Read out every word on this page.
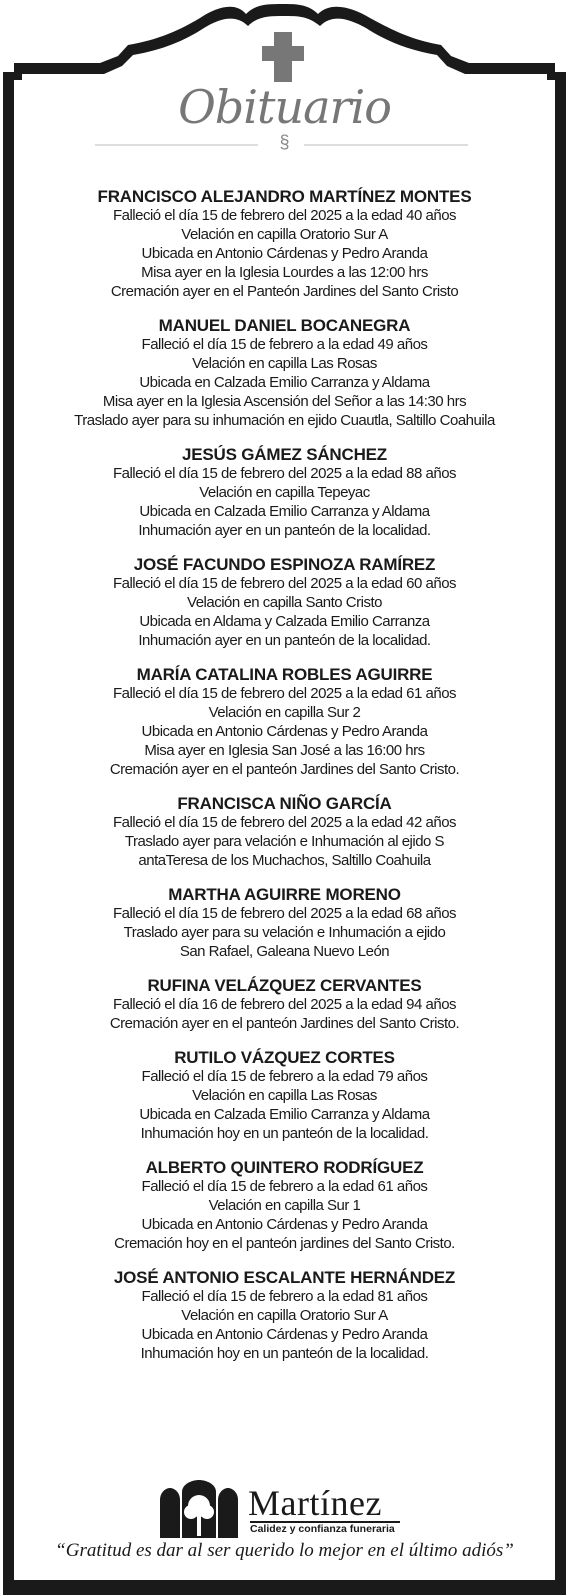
Obituario
§
FRANCISCO ALEJANDRO MARTÍNEZ MONTES
Falleció el día 15 de febrero del 2025 a la edad 40 años
Velación en capilla Oratorio Sur A
Ubicada en Antonio Cárdenas y Pedro Aranda
Misa ayer en la Iglesia Lourdes a las 12:00 hrs
Cremación ayer en el Panteón Jardines del Santo Cristo
MANUEL DANIEL BOCANEGRA
Falleció el día 15 de febrero a la edad 49 años
Velación en capilla Las Rosas
Ubicada en Calzada Emilio Carranza y Aldama
Misa ayer en la Iglesia Ascensión del Señor a las 14:30 hrs
Traslado ayer para su inhumación en ejido Cuautla, Saltillo Coahuila
JESÚS GÁMEZ SÁNCHEZ
Falleció el día 15 de febrero del 2025 a la edad 88 años
Velación en capilla Tepeyac
Ubicada en Calzada Emilio Carranza y Aldama
Inhumación ayer en un panteón de la localidad.
JOSÉ FACUNDO ESPINOZA RAMÍREZ
Falleció el día 15 de febrero del 2025 a la edad 60 años
Velación en capilla Santo Cristo
Ubicada en Aldama y Calzada Emilio Carranza
Inhumación ayer en un panteón de la localidad.
MARÍA CATALINA ROBLES AGUIRRE
Falleció el día 15 de febrero del 2025 a la edad 61 años
Velación en capilla Sur 2
Ubicada en Antonio Cárdenas y Pedro Aranda
Misa ayer en Iglesia San José a las 16:00 hrs
Cremación ayer en el panteón Jardines del Santo Cristo.
FRANCISCA NIÑO GARCÍA
Falleció el día 15 de febrero del 2025 a la edad 42 años
Traslado ayer para velación e Inhumación al ejido S
antaTeresa de los Muchachos, Saltillo Coahuila
MARTHA AGUIRRE MORENO
Falleció el día 15 de febrero del 2025 a la edad 68 años
Traslado ayer para su velación e Inhumación a ejido
San Rafael, Galeana Nuevo León
RUFINA VELÁZQUEZ CERVANTES
Falleció el día 16 de febrero del 2025 a la edad 94 años
Cremación ayer en el panteón Jardines del Santo Cristo.
RUTILO VÁZQUEZ CORTES
Falleció el día 15 de febrero a la edad 79 años
Velación en capilla Las Rosas
Ubicada en Calzada Emilio Carranza y Aldama
Inhumación hoy en un panteón de la localidad.
ALBERTO QUINTERO RODRÍGUEZ
Falleció el día 15 de febrero a la edad 61 años
Velación en capilla Sur 1
Ubicada en Antonio Cárdenas y Pedro Aranda
Cremación hoy en el panteón jardines del Santo Cristo.
JOSÉ ANTONIO ESCALANTE HERNÁNDEZ
Falleció el día 15 de febrero a la edad 81 años
Velación en capilla Oratorio Sur A
Ubicada en Antonio Cárdenas y Pedro Aranda
Inhumación hoy en un panteón de la localidad.
Martínez
Calidez y confianza funeraria
“Gratitud es dar al ser querido lo mejor en el último adiós”
